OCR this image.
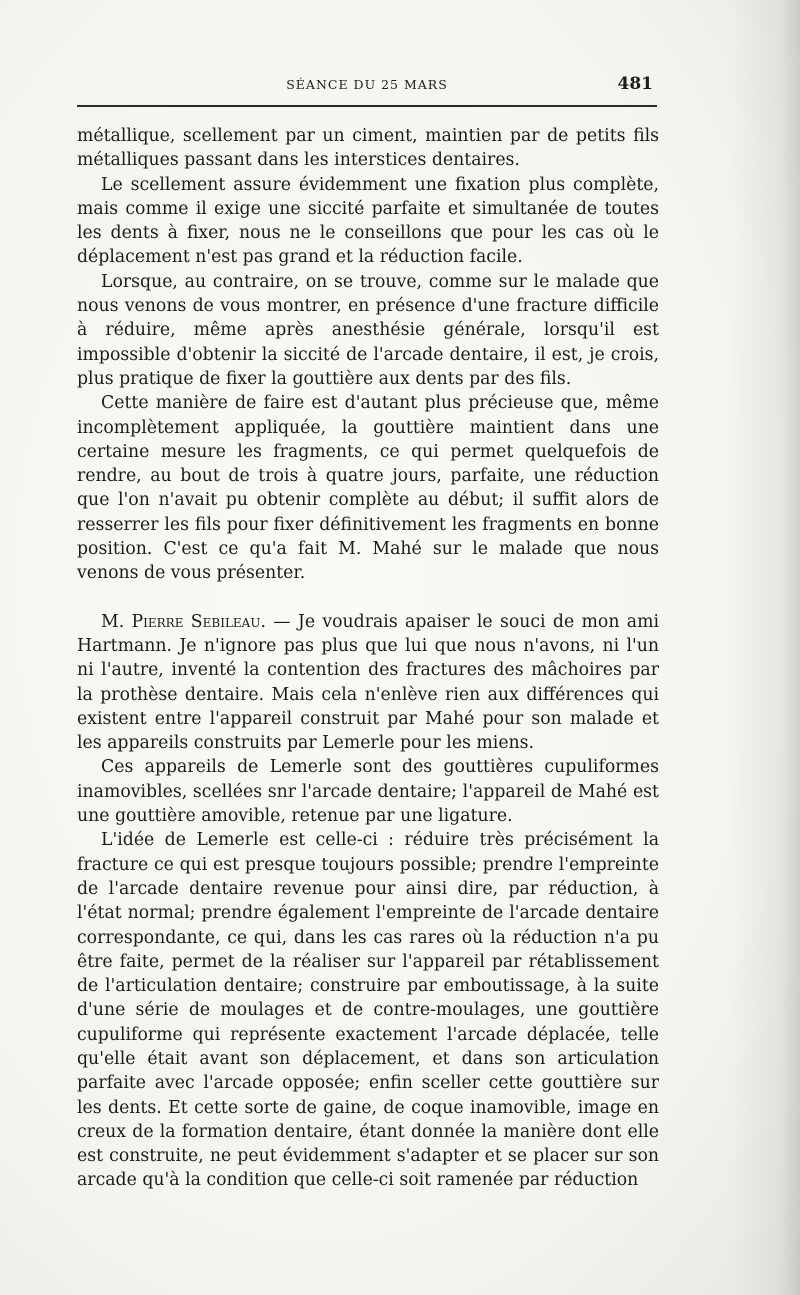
SÉANCE DU 25 MARS	481

métallique, scellement par un ciment, maintien par de petits fils métalliques passant dans les interstices dentaires.

Le scellement assure évidemment une fixation plus complète, mais comme il exige une siccité parfaite et simultanée de toutes les dents à fixer, nous ne le conseillons que pour les cas où le déplacement n'est pas grand et la réduction facile.

Lorsque, au contraire, on se trouve, comme sur le malade que nous venons de vous montrer, en présence d'une fracture difficile à réduire, même après anesthésie générale, lorsqu'il est impossible d'obtenir la siccité de l'arcade dentaire, il est, je crois, plus pratique de fixer la gouttière aux dents par des fils.

Cette manière de faire est d'autant plus précieuse que, même incomplètement appliquée, la gouttière maintient dans une certaine mesure les fragments, ce qui permet quelquefois de rendre, au bout de trois à quatre jours, parfaite, une réduction que l'on n'avait pu obtenir complète au début; il suffit alors de resserrer les fils pour fixer définitivement les fragments en bonne position. C'est ce qu'a fait M. Mahé sur le malade que nous venons de vous présenter.

M. Pierre Sebileau. — Je voudrais apaiser le souci de mon ami Hartmann. Je n'ignore pas plus que lui que nous n'avons, ni l'un ni l'autre, inventé la contention des fractures des mâchoires par la prothèse dentaire. Mais cela n'enlève rien aux différences qui existent entre l'appareil construit par Mahé pour son malade et les appareils construits par Lemerle pour les miens.

Ces appareils de Lemerle sont des gouttières cupuliformes inamovibles, scellées snr l'arcade dentaire; l'appareil de Mahé est une gouttière amovible, retenue par une ligature.

L'idée de Lemerle est celle-ci : réduire très précisément la fracture ce qui est presque toujours possible; prendre l'empreinte de l'arcade dentaire revenue pour ainsi dire, par réduction, à l'état normal; prendre également l'empreinte de l'arcade dentaire correspondante, ce qui, dans les cas rares où la réduction n'a pu être faite, permet de la réaliser sur l'appareil par rétablissement de l'articulation dentaire; construire par emboutissage, à la suite d'une série de moulages et de contre-moulages, une gouttière cupuliforme qui représente exactement l'arcade déplacée, telle qu'elle était avant son déplacement, et dans son articulation parfaite avec l'arcade opposée; enfin sceller cette gouttière sur les dents. Et cette sorte de gaine, de coque inamovible, image en creux de la formation dentaire, étant donnée la manière dont elle est construite, ne peut évidemment s'adapter et se placer sur son arcade qu'à la condition que celle-ci soit ramenée par réduction
